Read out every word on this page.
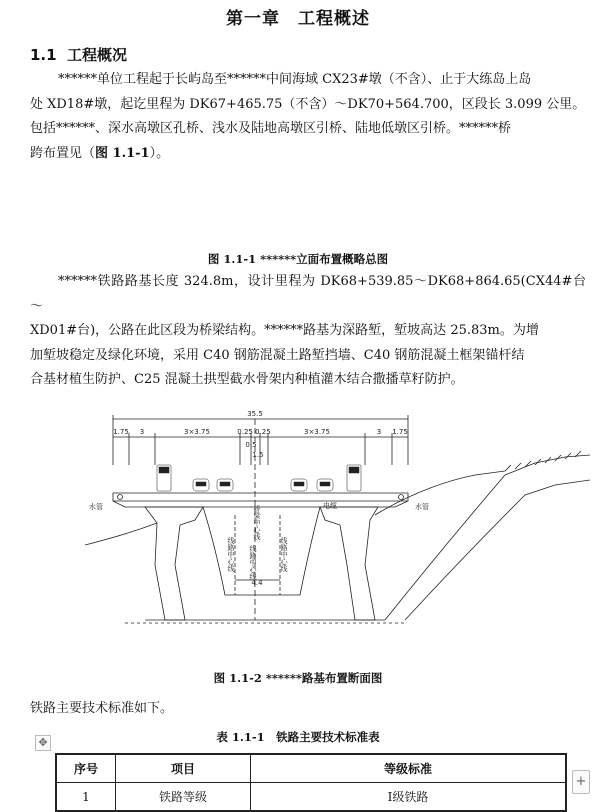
第一章　工程概述
1.1 工程概况

******单位工程起于长屿岛至******中间海域 CX23#墩（不含）、止于大练岛上岛
处 XD18#墩，起讫里程为 DK67+465.75（不含）～DK70+564.700，区段长 3.099 公里。
包括******、深水高墩区孔桥、浅水及陆地高墩区引桥、陆地低墩区引桥。******桥
跨布置见（图 1.1-1）。

图 1.1-1 ******立面布置概略总图

******铁路路基长度 324.8m，设计里程为 DK68+539.85～DK68+864.65(CX44#台～
XD01#台)，公路在此区段为桥梁结构。******路基为深路堑，堑坡高达 25.83m。为增
加堑坡稳定及绿化环境，采用 C40 钢筋混凝土路堑挡墙、C40 钢筋混凝土框架锚杆结
合基材植生防护、C25 混凝土拱型截水骨架内种植灌木结合撒播草籽防护。

35.5
1.75 3	3×3.75	0.25 0.25
0.5
1.5
3×3.75	3 1.75
水管	电缆	水管
4.4
桥梁中心线
线路中心线 线路中心线	线路中心线
图 1.1-2 ******路基布置断面图
铁路主要技术标准如下。
表 1.1-1　铁路主要技术标准表
✥
序号	项目	等级标准
1	铁路等级	Ⅰ级铁路
+
